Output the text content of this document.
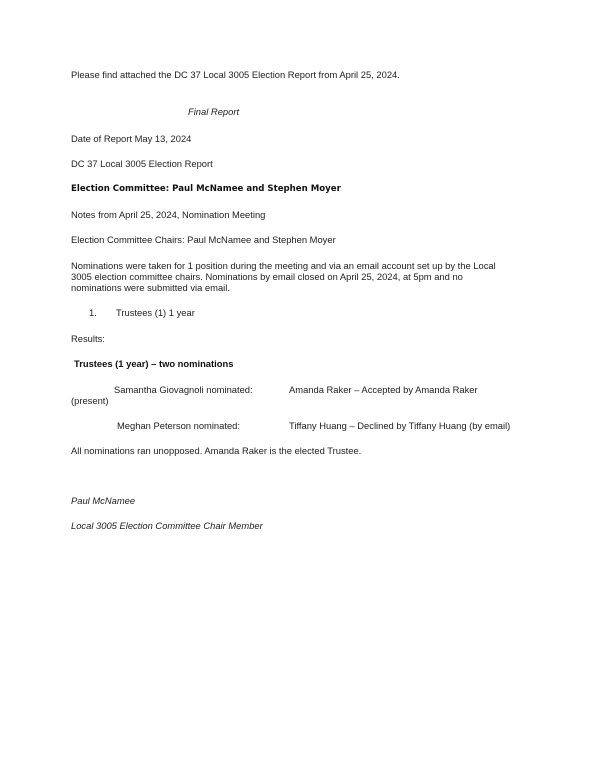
Please find attached the DC 37 Local 3005 Election Report from April 25, 2024.
Final Report
Date of Report May 13, 2024
DC 37 Local 3005 Election Report
Election Committee: Paul McNamee and Stephen Moyer
Notes from April 25, 2024, Nomination Meeting
Election Committee Chairs: Paul McNamee and Stephen Moyer
Nominations were taken for 1 position during the meeting and via an email account set up by the Local
3005 election committee chairs. Nominations by email closed on April 25, 2024, at 5pm and no
nominations were submitted via email.
1. Trustees (1) 1 year
Results:
Trustees (1 year) – two nominations
Samantha Giovagnoli nominated:	Amanda Raker – Accepted by Amanda Raker
(present)
Meghan Peterson nominated:	Tiffany Huang – Declined by Tiffany Huang (by email)
All nominations ran unopposed. Amanda Raker is the elected Trustee.
Paul McNamee
Local 3005 Election Committee Chair Member
